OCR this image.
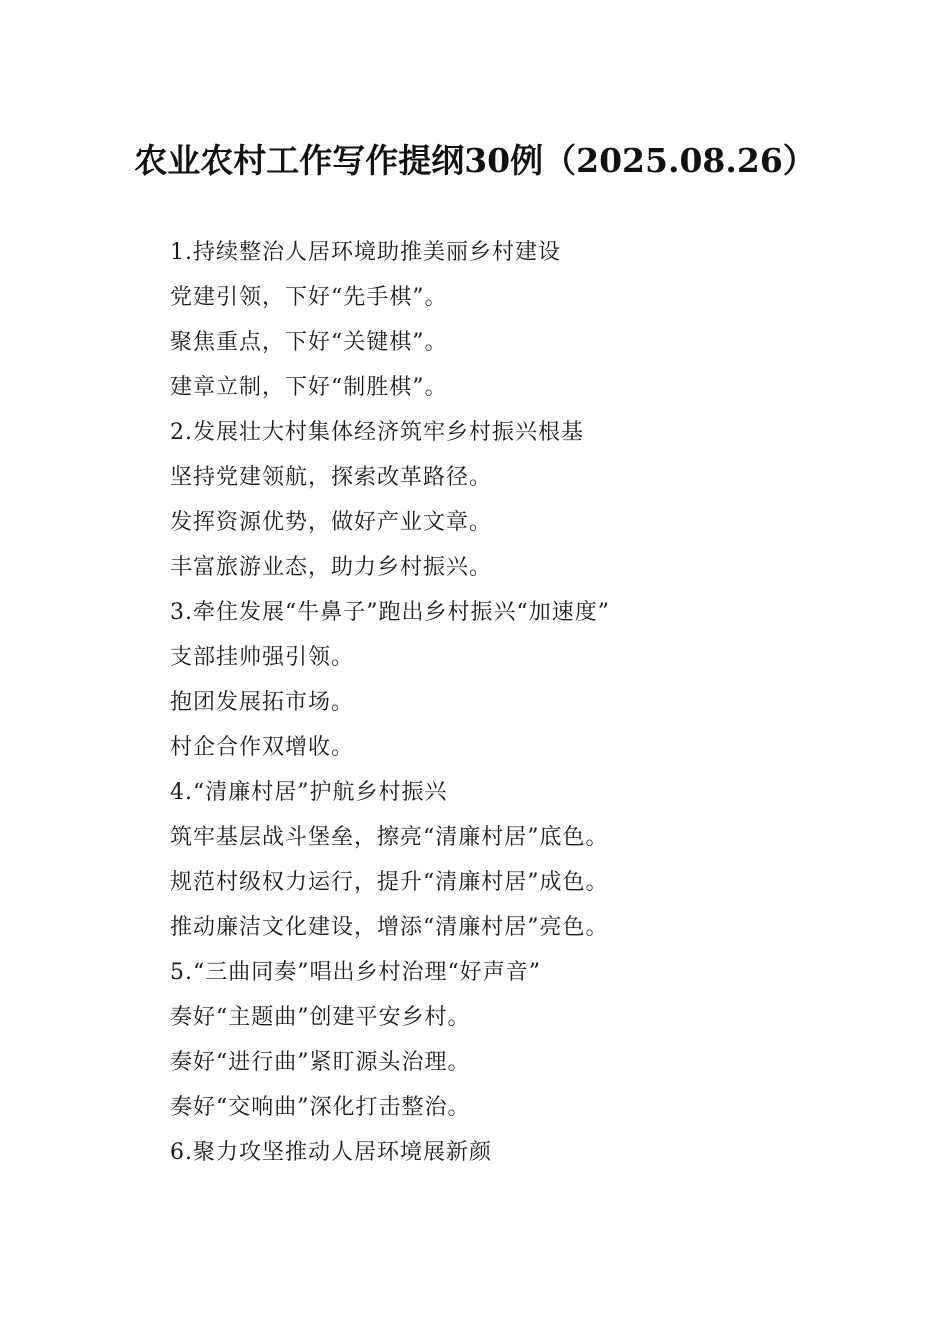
农业农村工作写作提纲30例（2025.08.26）
1.持续整治人居环境助推美丽乡村建设
党建引领，下好“先手棋”。
聚焦重点，下好“关键棋”。
建章立制，下好“制胜棋”。
2.发展壮大村集体经济筑牢乡村振兴根基
坚持党建领航，探索改革路径。
发挥资源优势，做好产业文章。
丰富旅游业态，助力乡村振兴。
3.牵住发展“牛鼻子”跑出乡村振兴“加速度”
支部挂帅强引领。
抱团发展拓市场。
村企合作双增收。
4.“清廉村居”护航乡村振兴
筑牢基层战斗堡垒，擦亮“清廉村居”底色。
规范村级权力运行，提升“清廉村居”成色。
推动廉洁文化建设，增添“清廉村居”亮色。
5.“三曲同奏”唱出乡村治理“好声音”
奏好“主题曲”创建平安乡村。
奏好“进行曲”紧盯源头治理。
奏好“交响曲”深化打击整治。
6.聚力攻坚推动人居环境展新颜
